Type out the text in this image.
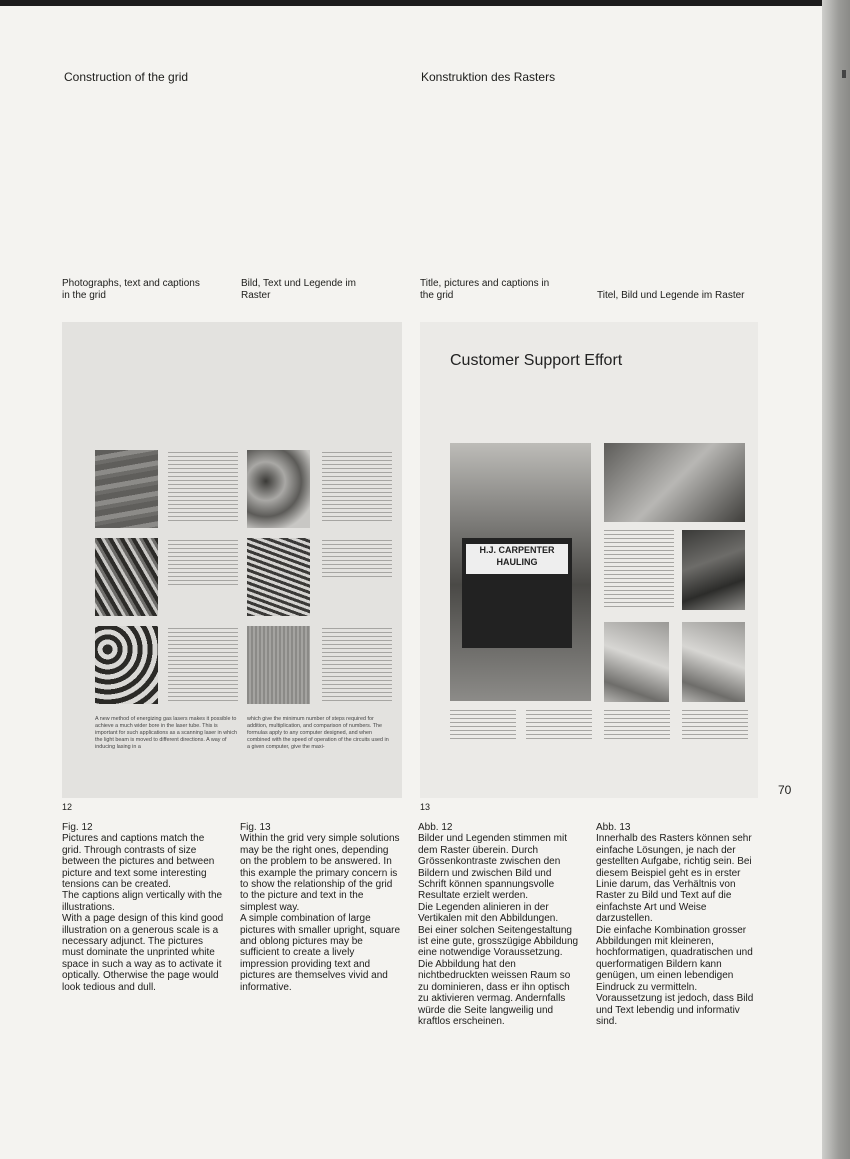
Construction of the grid	Konstruktion des Rasters
Photographs, text and captions
in the grid
Bild, Text und Legende im
Raster
Title, pictures and captions in
the grid	Titel, Bild und Legende im Raster
A new method of energizing gas lasers makes it possible to achieve a much wider bore in the laser tube. This is important for such applications as a scanning laser in which the light beam is moved to different directions. A way of inducing lasing in a
which give the minimum number of steps required for addition, multiplication, and comparison of numbers. The formulas apply to any computer designed, and when combined with the speed of operation of the circuits used in a given computer, give the maxi-
Customer Support Effort
H.J. CARPENTER
HAULING
12	13
70
Fig. 12

Pictures and captions match the grid. Through contrasts of size between the pictures and between picture and text some interesting tensions can be created.
The captions align vertically with the illustrations.
With a page design of this kind good illustration on a generous scale is a necessary adjunct. The pictures must dominate the unprinted white space in such a way as to activate it optically. Otherwise the page would look tedious and dull.

Fig. 13

Within the grid very simple solutions may be the right ones, depending on the problem to be answered. In this example the primary concern is to show the relationship of the grid to the picture and text in the simplest way.
A simple combination of large pictures with smaller upright, square and oblong pictures may be sufficient to create a lively impression providing text and pictures are themselves vivid and informative.

Abb. 12

Bilder und Legenden stimmen mit dem Raster überein. Durch Grössenkontraste zwischen den Bildern und zwischen Bild und Schrift können spannungsvolle Resultate erzielt werden.
Die Legenden alinieren in der Vertikalen mit den Abbildungen.
Bei einer solchen Seitengestaltung ist eine gute, grosszügige Abbildung eine notwendige Voraussetzung. Die Abbildung hat den nichtbedruckten weissen Raum so zu dominieren, dass er ihn optisch zu aktivieren vermag. Andernfalls würde die Seite langweilig und kraftlos erscheinen.

Abb. 13

Innerhalb des Rasters können sehr einfache Lösungen, je nach der gestellten Aufgabe, richtig sein. Bei diesem Beispiel geht es in erster Linie darum, das Verhältnis von Raster zu Bild und Text auf die einfachste Art und Weise darzustellen.
Die einfache Kombination grosser Abbildungen mit kleineren, hochformatigen, quadratischen und querformatigen Bildern kann genügen, um einen lebendigen Eindruck zu vermitteln. Voraussetzung ist jedoch, dass Bild und Text lebendig und informativ sind.
